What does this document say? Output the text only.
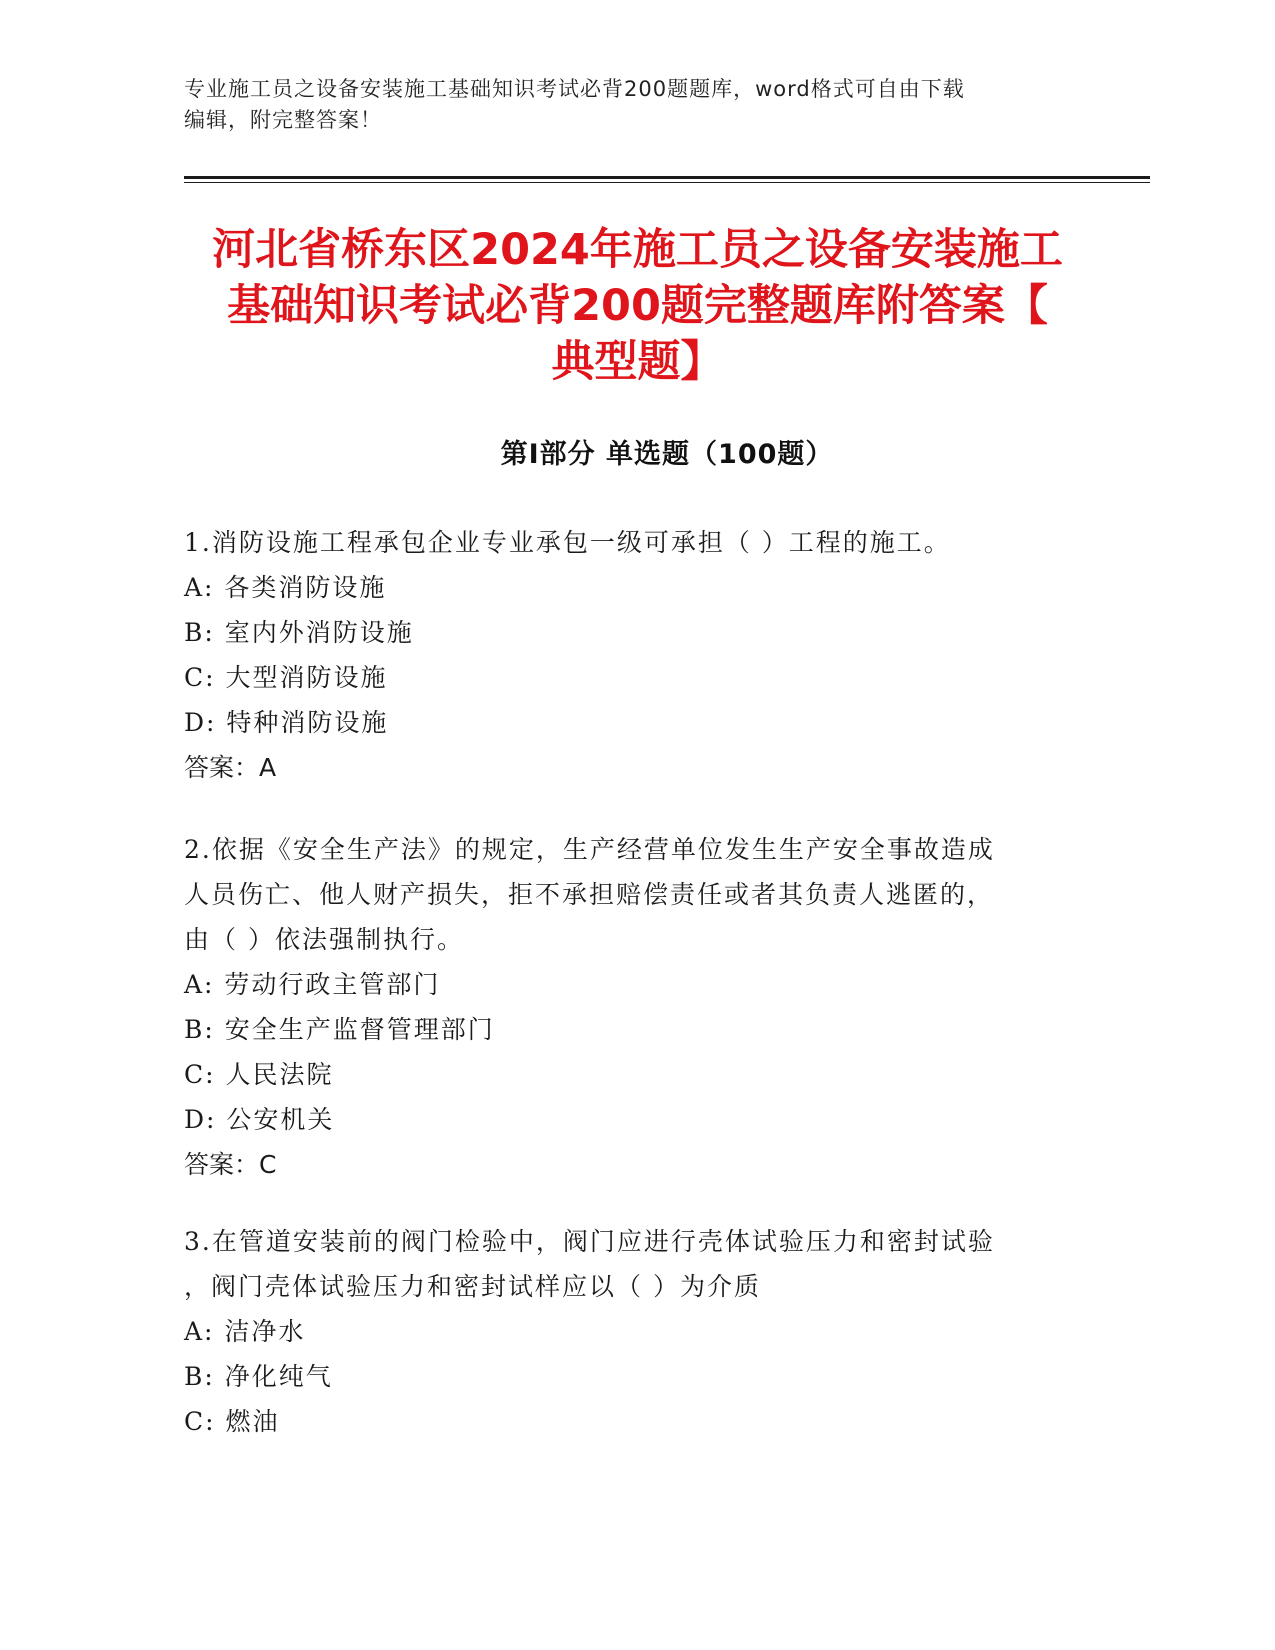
专业施工员之设备安装施工基础知识考试必背200题题库，word格式可自由下载

编辑，附完整答案！

河北省桥东区2024年施工员之设备安装施工

基础知识考试必背200题完整题库附答案【

典型题】

第Ⅰ部分 单选题（100题）
1.消防设施工程承包企业专业承包一级可承担（ ）工程的施工。
A: 各类消防设施
B: 室内外消防设施
C: 大型消防设施
D: 特种消防设施
答案：A
2.依据《安全生产法》的规定，生产经营单位发生生产安全事故造成
人员伤亡、他人财产损失，拒不承担赔偿责任或者其负责人逃匿的，
由（ ）依法强制执行。
A: 劳动行政主管部门
B: 安全生产监督管理部门
C: 人民法院
D: 公安机关
答案：C
3.在管道安装前的阀门检验中，阀门应进行壳体试验压力和密封试验
，阀门壳体试验压力和密封试样应以（ ）为介质
A: 洁净水
B: 净化纯气
C: 燃油
